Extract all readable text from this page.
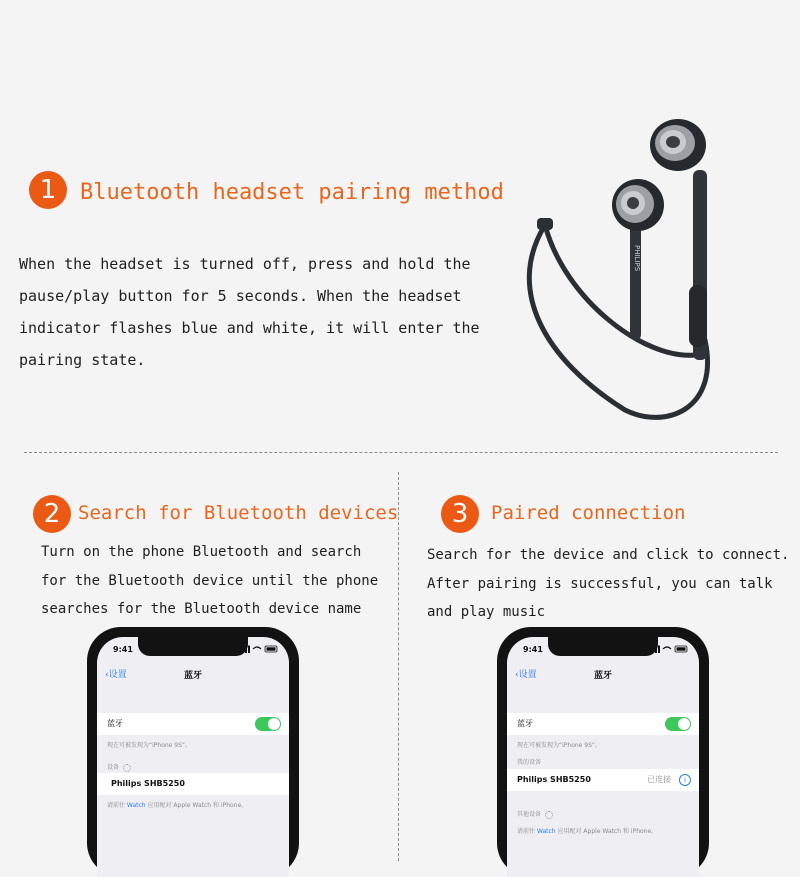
1	Bluetooth headset pairing method
When the headset is turned off, press and hold the
pause/play button for 5 seconds. When the headset
indicator flashes blue and white, it will enter the
pairing state.
PHILIPS
2 Search for Bluetooth devices
Turn on the phone Bluetooth and search
for the Bluetooth device until the phone
searches for the Bluetooth device name
9:41
‹设置	蓝牙
蓝牙
现在可被发现为“iPhone 9S”。
设备
Philips SHB5250
请前往 Watch 应用配对 Apple Watch 和 iPhone。
3	Paired connection
Search for the device and click to connect.
After pairing is successful, you can talk
and play music
9:41
‹设置	蓝牙
蓝牙
现在可被发现为“iPhone 9S”。
我的设备
Philips SHB5250	已连接	i
其他设备
请前往 Watch 应用配对 Apple Watch 和 iPhone。
